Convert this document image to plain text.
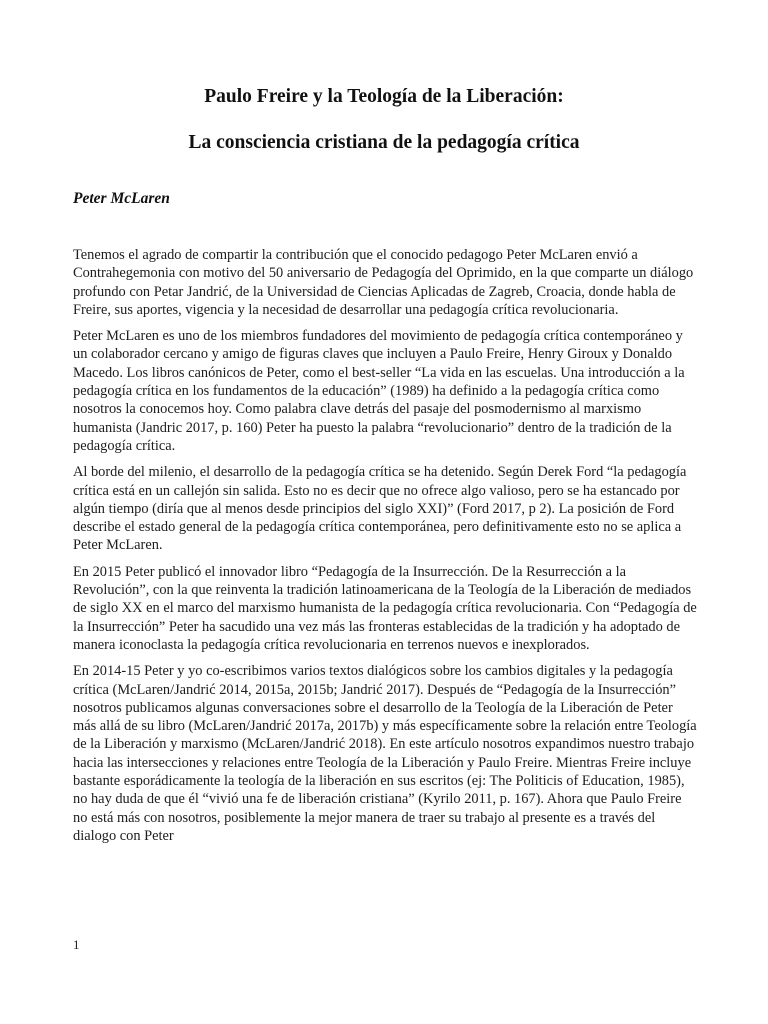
Paulo Freire y la Teología de la Liberación:
La consciencia cristiana de la pedagogía crítica

Peter McLaren

Tenemos el agrado de compartir la contribución que el conocido pedagogo Peter McLaren envió a Contrahegemonia con motivo del 50 aniversario de Pedagogía del Oprimido, en la que comparte un diálogo profundo con Petar Jandrić, de la Universidad de Ciencias Aplicadas de Zagreb, Croacia, donde habla de Freire, sus aportes, vigencia y la necesidad de desarrollar una pedagogía crítica revolucionaria.

Peter McLaren es uno de los miembros fundadores del movimiento de pedagogía crítica contemporáneo y un colaborador cercano y amigo de figuras claves que incluyen a Paulo Freire, Henry Giroux y Donaldo Macedo. Los libros canónicos de Peter, como el best-seller “La vida en las escuelas. Una introducción a la pedagogía crítica en los fundamentos de la educación” (1989) ha definido a la pedagogía crítica como nosotros la conocemos hoy. Como palabra clave detrás del pasaje del posmodernismo al marxismo humanista (Jandric 2017, p. 160) Peter ha puesto la palabra “revolucionario” dentro de la tradición de la pedagogía crítica.

Al borde del milenio, el desarrollo de la pedagogía crítica se ha detenido. Según Derek Ford “la pedagogía crítica está en un callejón sin salida. Esto no es decir que no ofrece algo valioso, pero se ha estancado por algún tiempo (diría que al menos desde principios del siglo XXI)” (Ford 2017, p 2). La posición de Ford describe el estado general de la pedagogía crítica contemporánea, pero definitivamente esto no se aplica a Peter McLaren.

En 2015 Peter publicó el innovador libro “Pedagogía de la Insurrección. De la Resurrección a la Revolución”, con la que reinventa la tradición latinoamericana de la Teología de la Liberación de mediados de siglo XX en el marco del marxismo humanista de la pedagogía crítica revolucionaria. Con “Pedagogía de la Insurrección” Peter ha sacudido una vez más las fronteras establecidas de la tradición y ha adoptado de manera iconoclasta la pedagogía crítica revolucionaria en terrenos nuevos e inexplorados.

En 2014-15 Peter y yo co-escribimos varios textos dialógicos sobre los cambios digitales y la pedagogía crítica (McLaren/Jandrić 2014, 2015a, 2015b; Jandrić 2017). Después de “Pedagogía de la Insurrección” nosotros publicamos algunas conversaciones sobre el desarrollo de la Teología de la Liberación de Peter más allá de su libro (McLaren/Jandrić 2017a, 2017b) y más específicamente sobre la relación entre Teología de la Liberación y marxismo (McLaren/Jandrić 2018). En este artículo nosotros expandimos nuestro trabajo hacia las intersecciones y relaciones entre Teología de la Liberación y Paulo Freire. Mientras Freire incluye bastante esporádicamente la teología de la liberación en sus escritos (ej: The Politicis of Education, 1985), no hay duda de que él “vivió una fe de liberación cristiana” (Kyrilo 2011, p. 167). Ahora que Paulo Freire no está más con nosotros, posiblemente la mejor manera de traer su trabajo al presente es a través del dialogo con Peter

1
